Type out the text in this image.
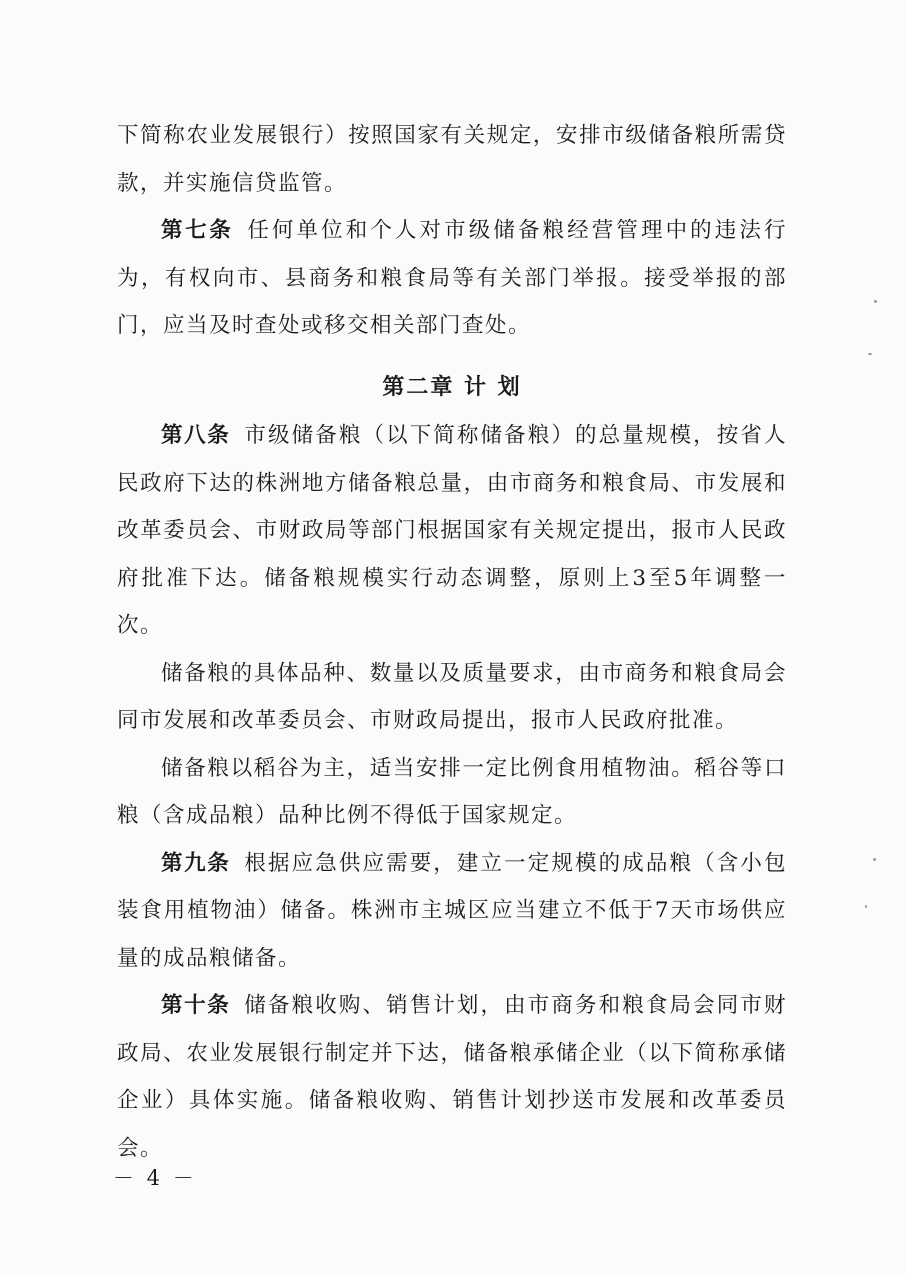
下简称农业发展银行）按照国家有关规定，安排市级储备粮所需贷款，并实施信贷监管。

第七条 任何单位和个人对市级储备粮经营管理中的违法行为，有权向市、县商务和粮食局等有关部门举报。接受举报的部门，应当及时查处或移交相关部门查处。

第二章 计 划

第八条 市级储备粮（以下简称储备粮）的总量规模，按省人民政府下达的株洲地方储备粮总量，由市商务和粮食局、市发展和改革委员会、市财政局等部门根据国家有关规定提出，报市人民政府批准下达。储备粮规模实行动态调整，原则上3至5年调整一次。

储备粮的具体品种、数量以及质量要求，由市商务和粮食局会同市发展和改革委员会、市财政局提出，报市人民政府批准。

储备粮以稻谷为主，适当安排一定比例食用植物油。稻谷等口粮（含成品粮）品种比例不得低于国家规定。

第九条 根据应急供应需要，建立一定规模的成品粮（含小包装食用植物油）储备。株洲市主城区应当建立不低于7天市场供应量的成品粮储备。

第十条 储备粮收购、销售计划，由市商务和粮食局会同市财政局、农业发展银行制定并下达，储备粮承储企业（以下简称承储企业）具体实施。储备粮收购、销售计划抄送市发展和改革委员会。

－ 4 －
